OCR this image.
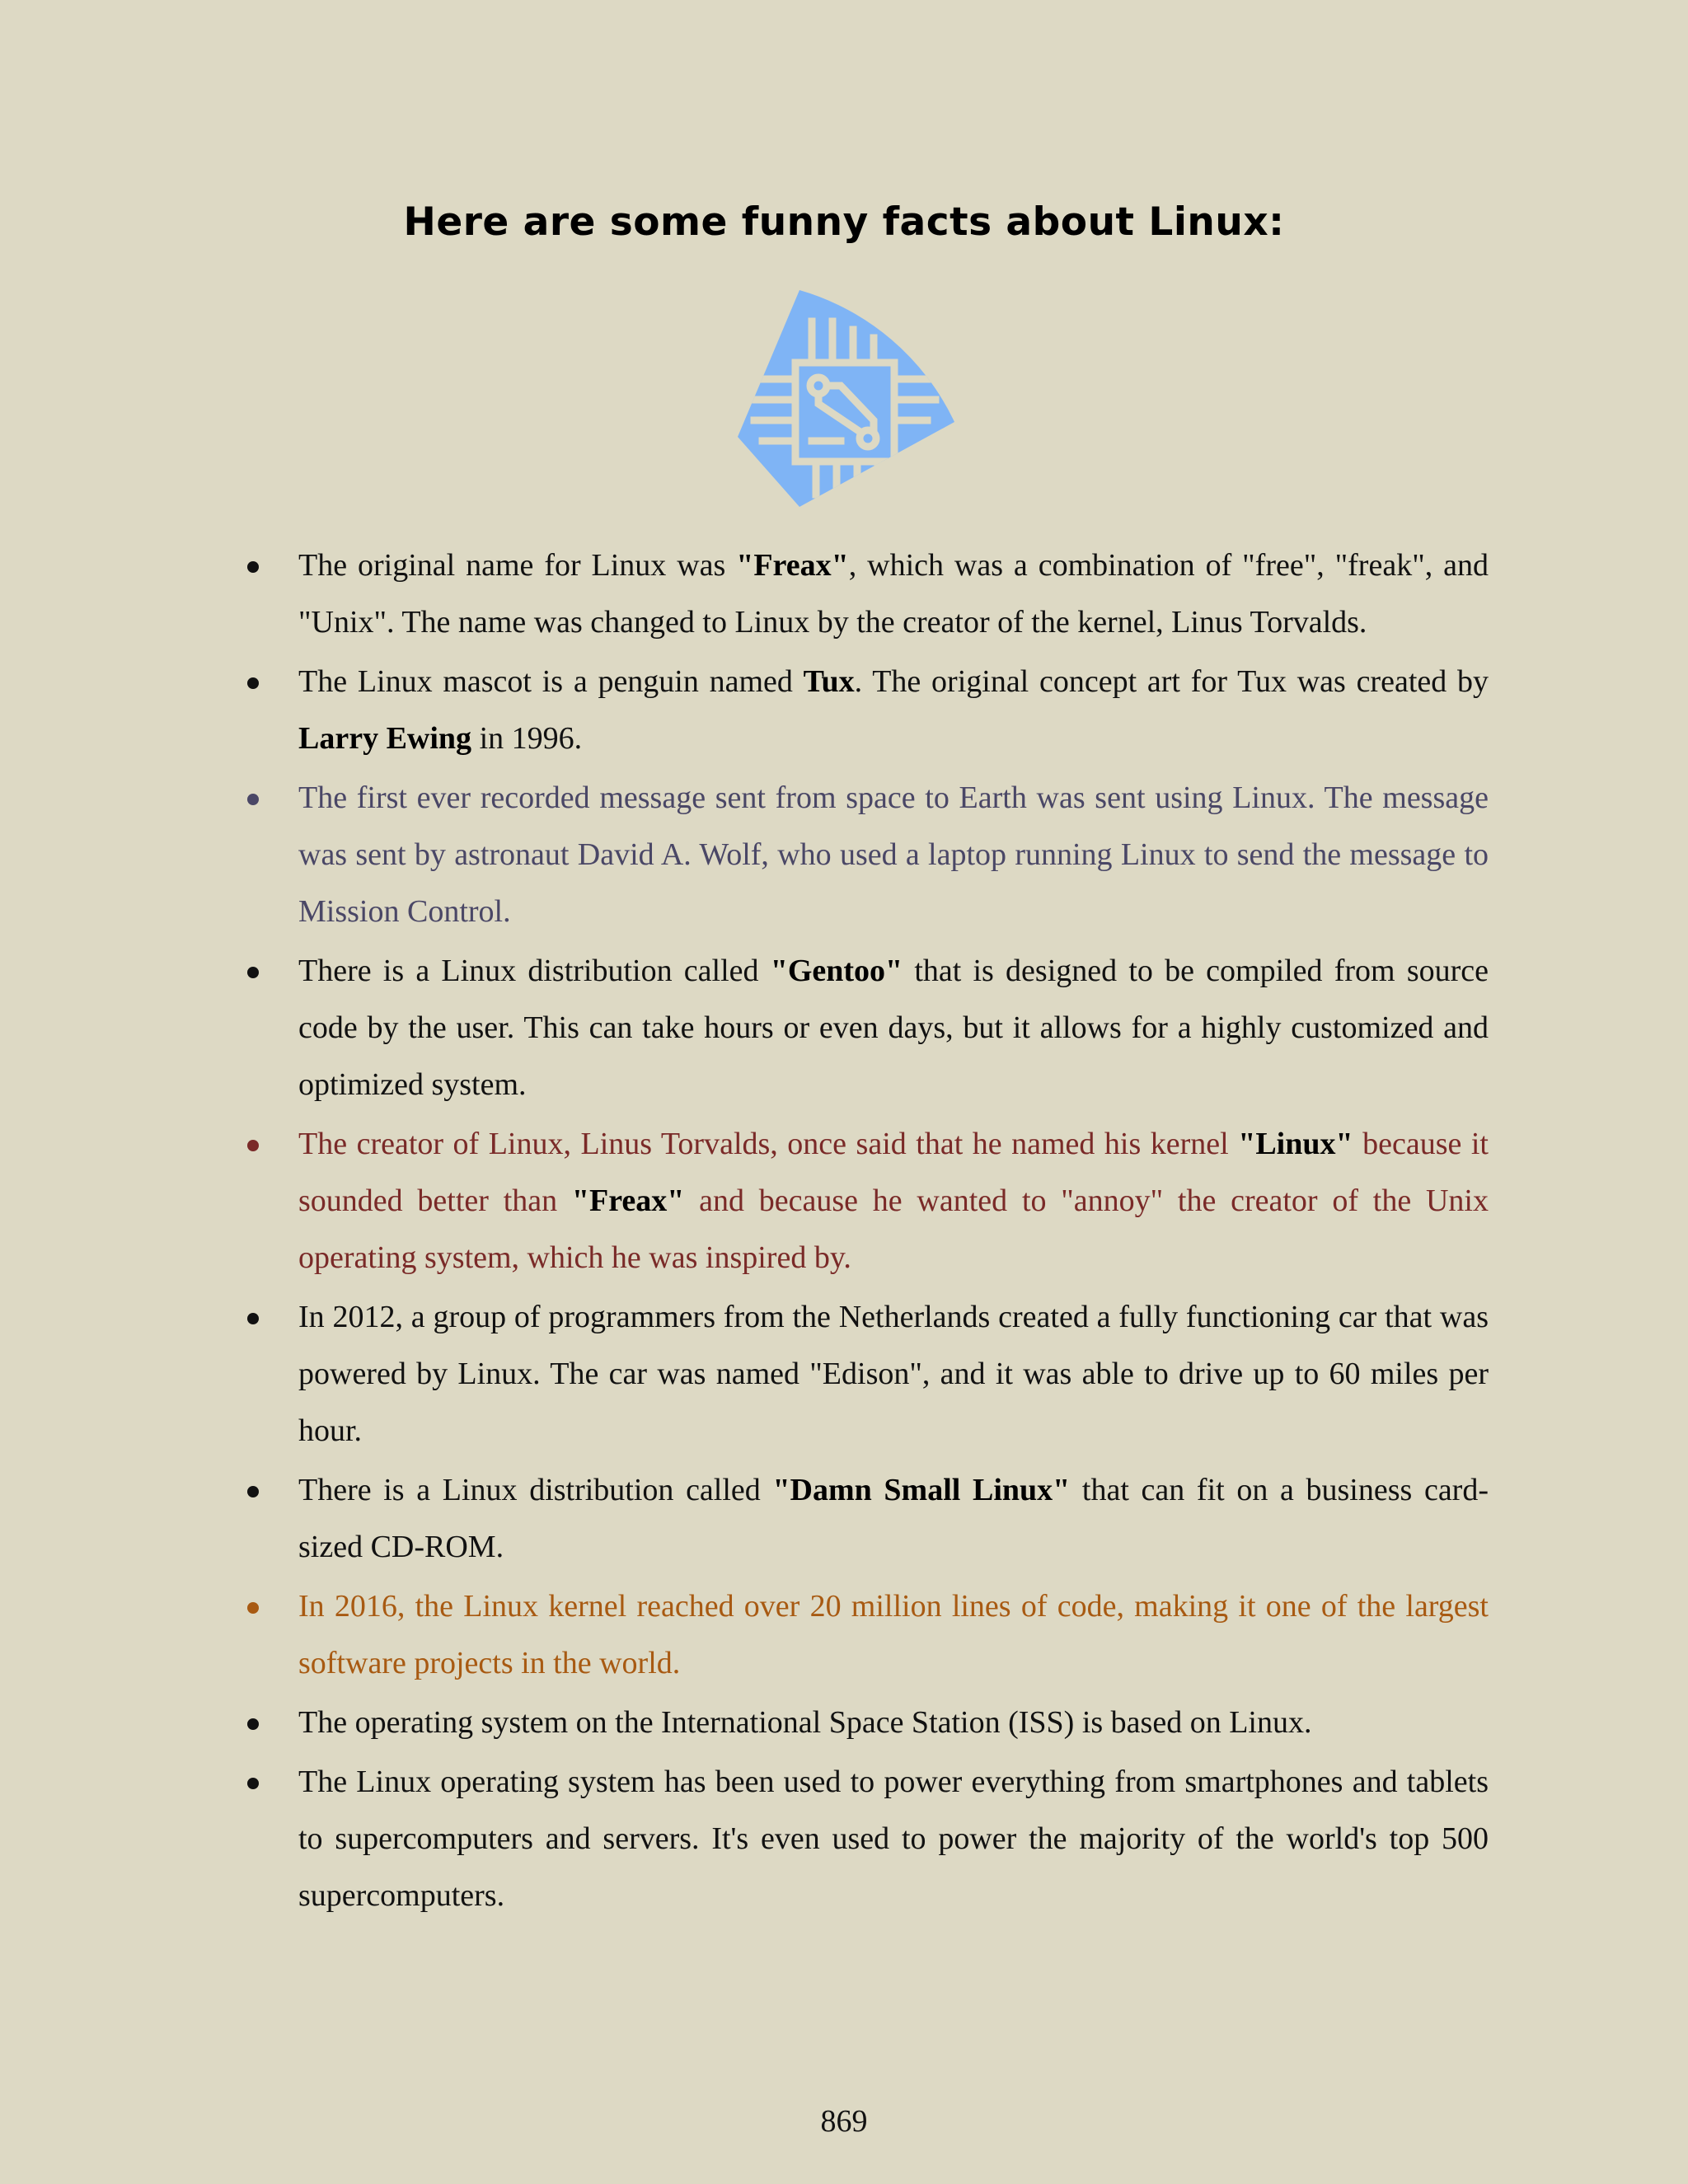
Here are some funny facts about Linux:
The original name for Linux was "Freax", which was a combination of "free", "freak", and "Unix". The name was changed to Linux by the creator of the kernel, Linus Torvalds.
The Linux mascot is a penguin named Tux. The original concept art for Tux was created by Larry Ewing in 1996.
The first ever recorded message sent from space to Earth was sent using Linux. The message was sent by astronaut David A. Wolf, who used a laptop running Linux to send the message to Mission Control.
There is a Linux distribution called "Gentoo" that is designed to be compiled from source code by the user. This can take hours or even days, but it allows for a highly customized and optimized system.
The creator of Linux, Linus Torvalds, once said that he named his kernel "Linux" because it sounded better than "Freax" and because he wanted to "annoy" the creator of the Unix operating system, which he was inspired by.
In 2012, a group of programmers from the Netherlands created a fully functioning car that was powered by Linux. The car was named "Edison", and it was able to drive up to 60 miles per hour.
There is a Linux distribution called "Damn Small Linux" that can fit on a business card-sized CD-ROM.
In 2016, the Linux kernel reached over 20 million lines of code, making it one of the largest software projects in the world.
The operating system on the International Space Station (ISS) is based on Linux.
The Linux operating system has been used to power everything from smartphones and tablets to supercomputers and servers. It's even used to power the majority of the world's top 500 supercomputers.
869
